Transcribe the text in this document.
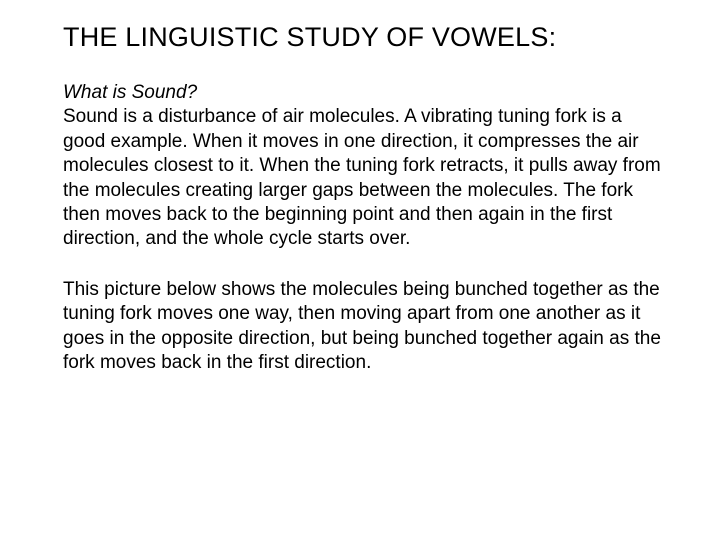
THE LINGUISTIC STUDY OF VOWELS:

What is Sound?

Sound is a disturbance of air molecules. A vibrating tuning fork is a good example. When it moves in one direction, it compresses the air molecules closest to it. When the tuning fork retracts, it pulls away from the molecules creating larger gaps between the molecules. The fork then moves back to the beginning point and then again in the first direction, and the whole cycle starts over.

This picture below shows the molecules being bunched together as the tuning fork moves one way, then moving apart from one another as it goes in the opposite direction, but being bunched together again as the fork moves back in the first direction.
